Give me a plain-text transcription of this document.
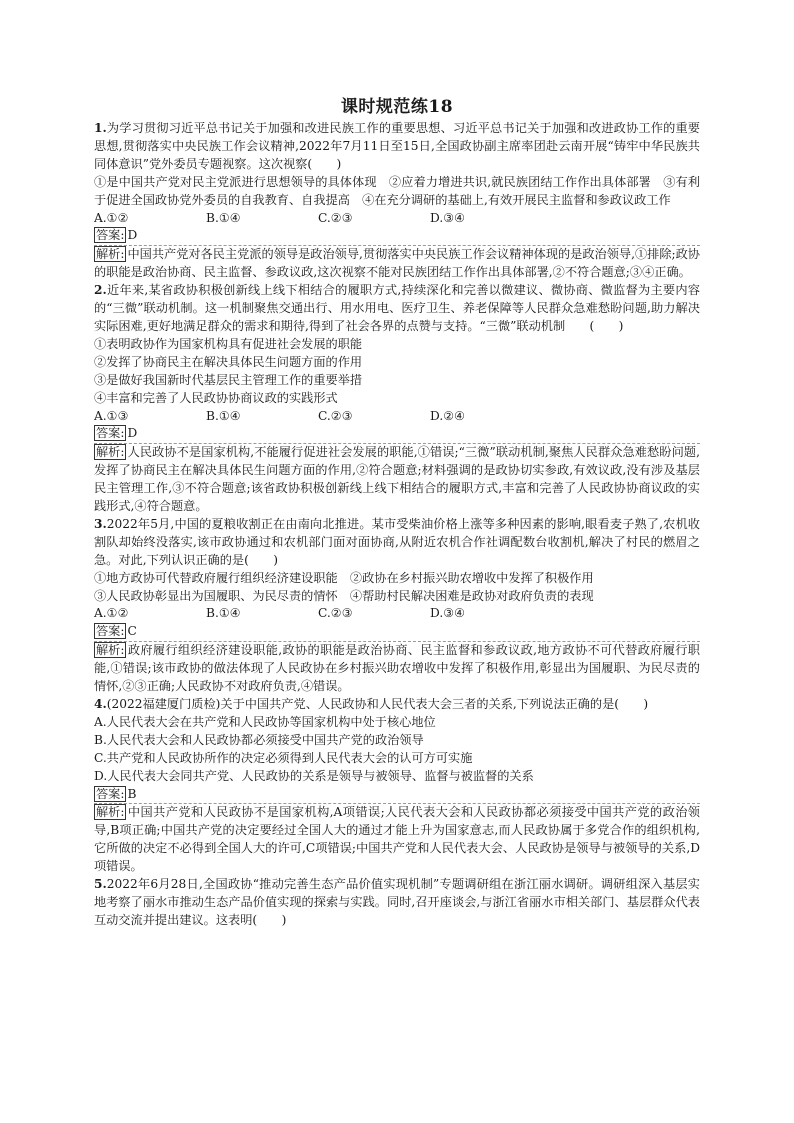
课时规范练18

1.为学习贯彻习近平总书记关于加强和改进民族工作的重要思想、习近平总书记关于加强和改进政协工作的重要思想,贯彻落实中央民族工作会议精神,2022年7月11日至15日,全国政协副主席率团赴云南开展“铸牢中华民族共同体意识”党外委员专题视察。这次视察(　　)

①是中国共产党对民主党派进行思想领导的具体体现　②应着力增进共识,就民族团结工作作出具体部署　③有利于促进全国政协党外委员的自我教育、自我提高　④在充分调研的基础上,有效开展民主监督和参政议政工作

A.①②	B.①④	C.②③	D.③④
答案: D

解析: 中国共产党对各民主党派的领导是政治领导,贯彻落实中央民族工作会议精神体现的是政治领导,①排除;政协的职能是政治协商、民主监督、参政议政,这次视察不能对民族团结工作作出具体部署,②不符合题意;③④正确。

2.近年来,某省政协积极创新线上线下相结合的履职方式,持续深化和完善以微建议、微协商、微监督为主要内容的“三微”联动机制。这一机制聚焦交通出行、用水用电、医疗卫生、养老保障等人民群众急难愁盼问题,助力解决实际困难,更好地满足群众的需求和期待,得到了社会各界的点赞与支持。“三微”联动机制　　(　　)

①表明政协作为国家机构具有促进社会发展的职能

②发挥了协商民主在解决具体民生问题方面的作用

③是做好我国新时代基层民主管理工作的重要举措

④丰富和完善了人民政协协商议政的实践形式

A.①③	B.①④	C.②③	D.②④
答案: D

解析: 人民政协不是国家机构,不能履行促进社会发展的职能,①错误;“三微”联动机制,聚焦人民群众急难愁盼问题,发挥了协商民主在解决具体民生问题方面的作用,②符合题意;材料强调的是政协切实参政,有效议政,没有涉及基层民主管理工作,③不符合题意;该省政协积极创新线上线下相结合的履职方式,丰富和完善了人民政协协商议政的实践形式,④符合题意。

3.2022年5月,中国的夏粮收割正在由南向北推进。某市受柴油价格上涨等多种因素的影响,眼看麦子熟了,农机收割队却始终没落实,该市政协通过和农机部门面对面协商,从附近农机合作社调配数台收割机,解决了村民的燃眉之急。对此,下列认识正确的是(　　)

①地方政协可代替政府履行组织经济建设职能　②政协在乡村振兴助农增收中发挥了积极作用

③人民政协彰显出为国履职、为民尽责的情怀　④帮助村民解决困难是政协对政府负责的表现

A.①②	B.①④	C.②③	D.③④
答案: C

解析: 政府履行组织经济建设职能,政协的职能是政治协商、民主监督和参政议政,地方政协不可代替政府履行职能,①错误;该市政协的做法体现了人民政协在乡村振兴助农增收中发挥了积极作用,彰显出为国履职、为民尽责的情怀,②③正确;人民政协不对政府负责,④错误。

4.(2022福建厦门质检)关于中国共产党、人民政协和人民代表大会三者的关系,下列说法正确的是(　　)

A.人民代表大会在共产党和人民政协等国家机构中处于核心地位

B.人民代表大会和人民政协都必须接受中国共产党的政治领导

C.共产党和人民政协所作的决定必须得到人民代表大会的认可方可实施

D.人民代表大会同共产党、人民政协的关系是领导与被领导、监督与被监督的关系

答案: B

解析: 中国共产党和人民政协不是国家机构,A项错误;人民代表大会和人民政协都必须接受中国共产党的政治领导,B项正确;中国共产党的决定要经过全国人大的通过才能上升为国家意志,而人民政协属于多党合作的组织机构,它所做的决定不必得到全国人大的许可,C项错误;中国共产党和人民代表大会、人民政协是领导与被领导的关系,D项错误。

5.2022年6月28日,全国政协“推动完善生态产品价值实现机制”专题调研组在浙江丽水调研。调研组深入基层实地考察了丽水市推动生态产品价值实现的探索与实践。同时,召开座谈会,与浙江省丽水市相关部门、基层群众代表互动交流并提出建议。这表明(　　)
